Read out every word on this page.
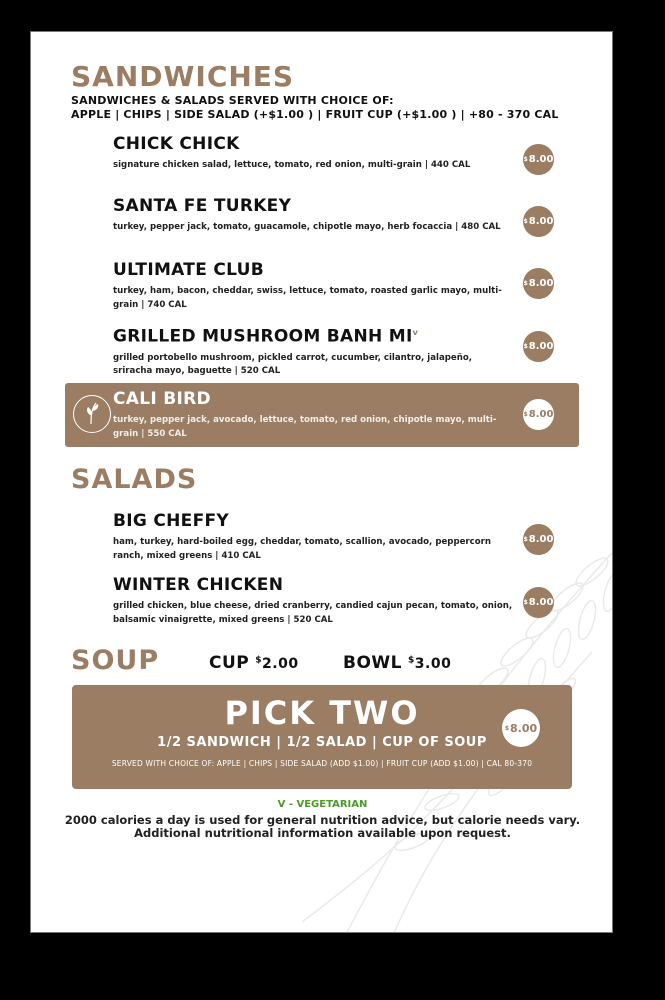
SANDWICHES
SANDWICHES & SALADS SERVED WITH CHOICE OF:
APPLE | CHIPS | SIDE SALAD (+$1.00 ) | FRUIT CUP (+$1.00 ) | +80 - 370 CAL

CHICK CHICK

signature chicken salad, lettuce, tomato, red onion, multi-grain | 440 CAL
$ 8.00

SANTA FE TURKEY

turkey, pepper jack, tomato, guacamole, chipotle mayo, herb focaccia | 480 CAL
$ 8.00

ULTIMATE CLUB

turkey, ham, bacon, cheddar, swiss, lettuce, tomato, roasted garlic mayo, multi-grain | 740 CAL
$ 8.00

GRILLED MUSHROOM BANH $MI^v$

grilled portobello mushroom, pickled carrot, cucumber, cilantro, jalapeño, sriracha mayo, baguette | 520 CAL
$ 8.00

CALI BIRD

turkey, pepper jack, avocado, lettuce, tomato, red onion, chipotle mayo, multi-grain | 550 CAL
$ 8.00
SALADS

BIG CHEFFY

ham, turkey, hard-boiled egg, cheddar, tomato, scallion, avocado, peppercorn ranch, mixed greens | 410 CAL
$ 8.00

WINTER CHICKEN

grilled chicken, blue cheese, dried cranberry, candied cajun pecan, tomato, onion, balsamic vinaigrette, mixed greens | 520 CAL
$ 8.00
SOUP	CUP $2.00	BOWL $3.00
PICK TWO
1/2 SANDWICH | 1/2 SALAD | CUP OF SOUP
SERVED WITH CHOICE OF: APPLE | CHIPS | SIDE SALAD (ADD $1.00) | FRUIT CUP (ADD $1.00) | CAL 80-370
$ 8.00
V - VEGETARIAN
2000 calories a day is used for general nutrition advice, but calorie needs vary.
Additional nutritional information available upon request.
